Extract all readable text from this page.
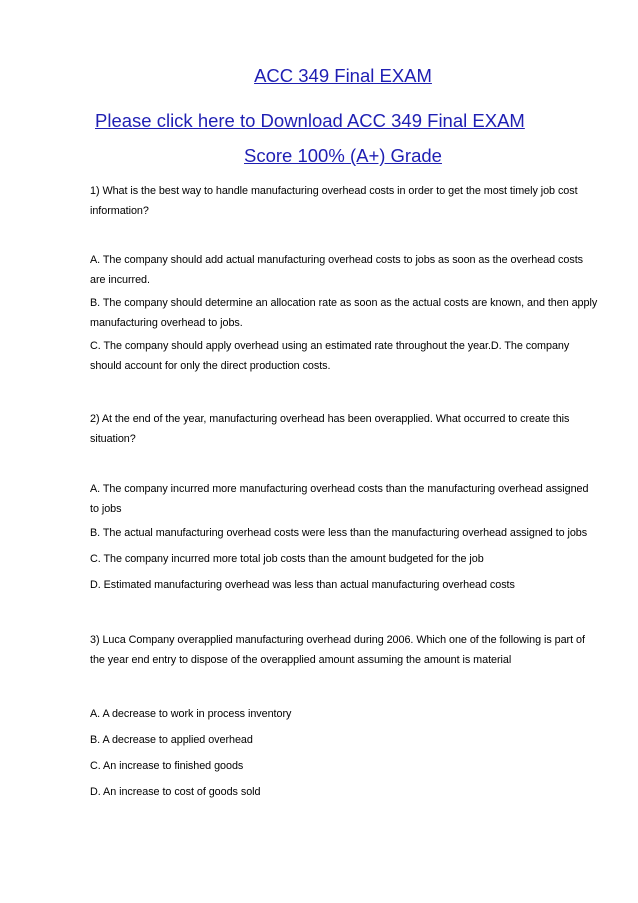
ACC 349 Final EXAM
Please click here to Download ACC 349 Final EXAM
Score 100% (A+) Grade
1) What is the best way to handle manufacturing overhead costs in order to get the most timely job cost information?
A. The company should add actual manufacturing overhead costs to jobs as soon as the overhead costs are incurred.
B. The company should determine an allocation rate as soon as the actual costs are known, and then apply manufacturing overhead to jobs.
C. The company should apply overhead using an estimated rate throughout the year.D. The company should account for only the direct production costs.
2) At the end of the year, manufacturing overhead has been overapplied. What occurred to create this situation?
A. The company incurred more manufacturing overhead costs than the manufacturing overhead assigned to jobs
B. The actual manufacturing overhead costs were less than the manufacturing overhead assigned to jobs
C. The company incurred more total job costs than the amount budgeted for the job
D. Estimated manufacturing overhead was less than actual manufacturing overhead costs
3) Luca Company overapplied manufacturing overhead during 2006. Which one of the following is part of the year end entry to dispose of the overapplied amount assuming the amount is material
A. A decrease to work in process inventory
B. A decrease to applied overhead
C. An increase to finished goods
D. An increase to cost of goods sold
